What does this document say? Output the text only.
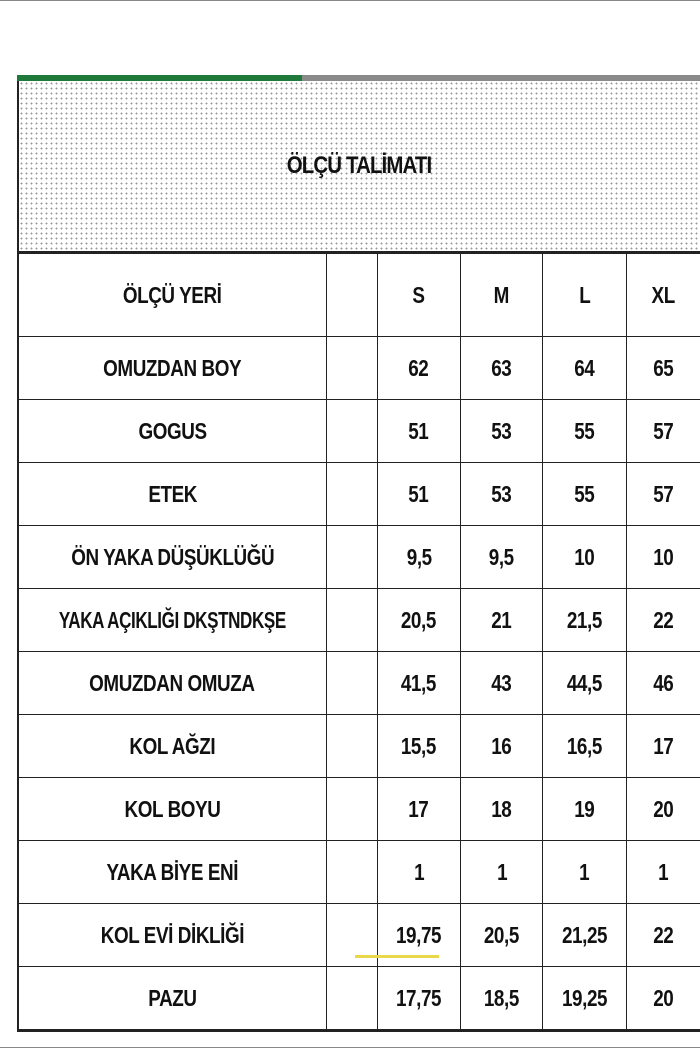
ÖLÇÜ TALİMATI
ÖLÇÜ YERİ		S	M	L	XL
OMUZDAN BOY		62	63	64	65
GOGUS		51	53	55	57
ETEK		51	53	55	57
ÖN YAKA DÜŞÜKLÜĞÜ		9,5	9,5	10	10
YAKA AÇIKLIĞI DKŞTNDKŞE		20,5	21	21,5	22
OMUZDAN OMUZA		41,5	43	44,5	46
KOL AĞZI		15,5	16	16,5	17
KOL BOYU		17	18	19	20
YAKA BİYE ENİ		1	1	1	1
KOL EVİ DİKLİĞİ		19,75	20,5	21,25	22
PAZU		17,75	18,5	19,25	20
